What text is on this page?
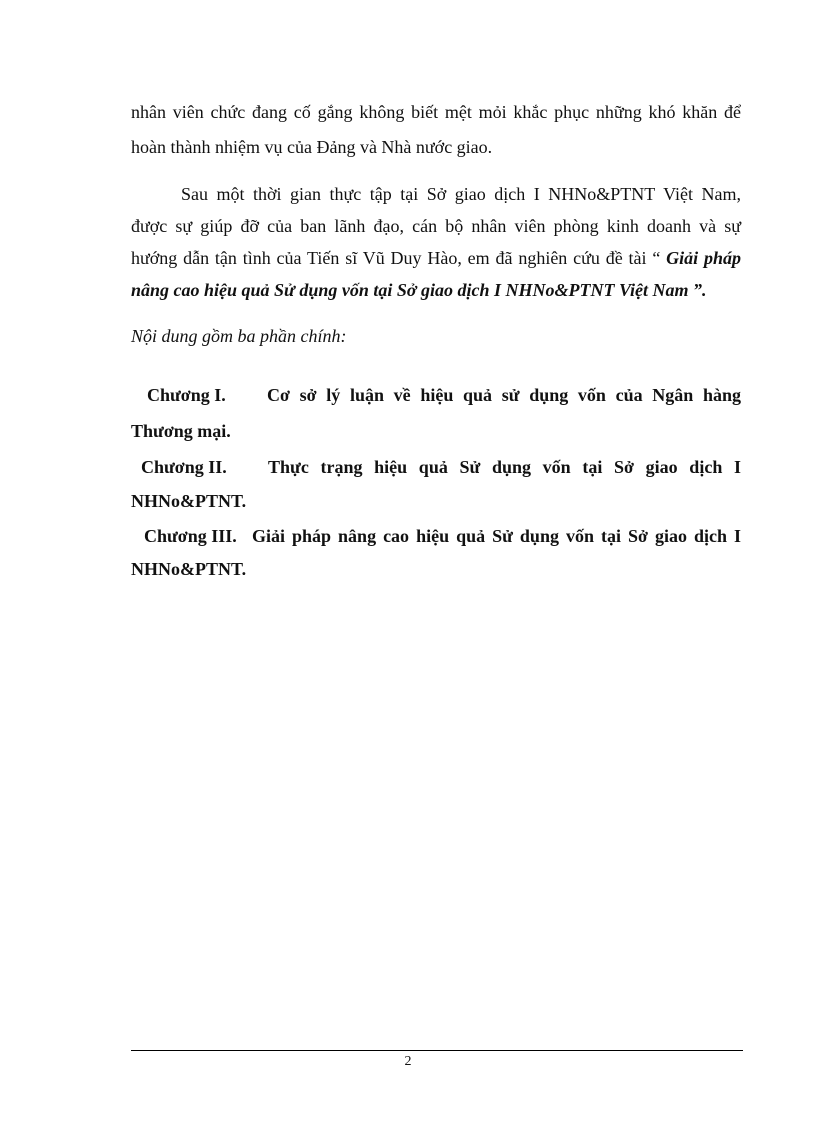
nhân viên chức đang cố gắng không biết mệt mỏi khắc phục những khó khăn để
hoàn thành nhiệm vụ của Đảng và Nhà nước giao.
Sau một thời gian thực tập tại Sở giao dịch I NHNo&PTNT Việt Nam,
được sự giúp đỡ của ban lãnh đạo, cán bộ nhân viên phòng kinh doanh và sự
hướng dẫn tận tình của Tiến sĩ Vũ Duy Hào, em đã nghiên cứu đề tài “ Giải pháp
nâng cao hiệu quả Sử dụng vốn tại Sở giao dịch I NHNo&PTNT Việt Nam ”.
Nội dung gồm ba phần chính:
Chương I. Cơ sở lý luận về hiệu quả sử dụng vốn của Ngân hàng
Thương mại.
Chương II. Thực trạng hiệu quả Sử dụng vốn tại Sở giao dịch I
NHNo&PTNT.
Chương III. Giải pháp nâng cao hiệu quả Sử dụng vốn tại Sở giao dịch I
NHNo&PTNT.
2
